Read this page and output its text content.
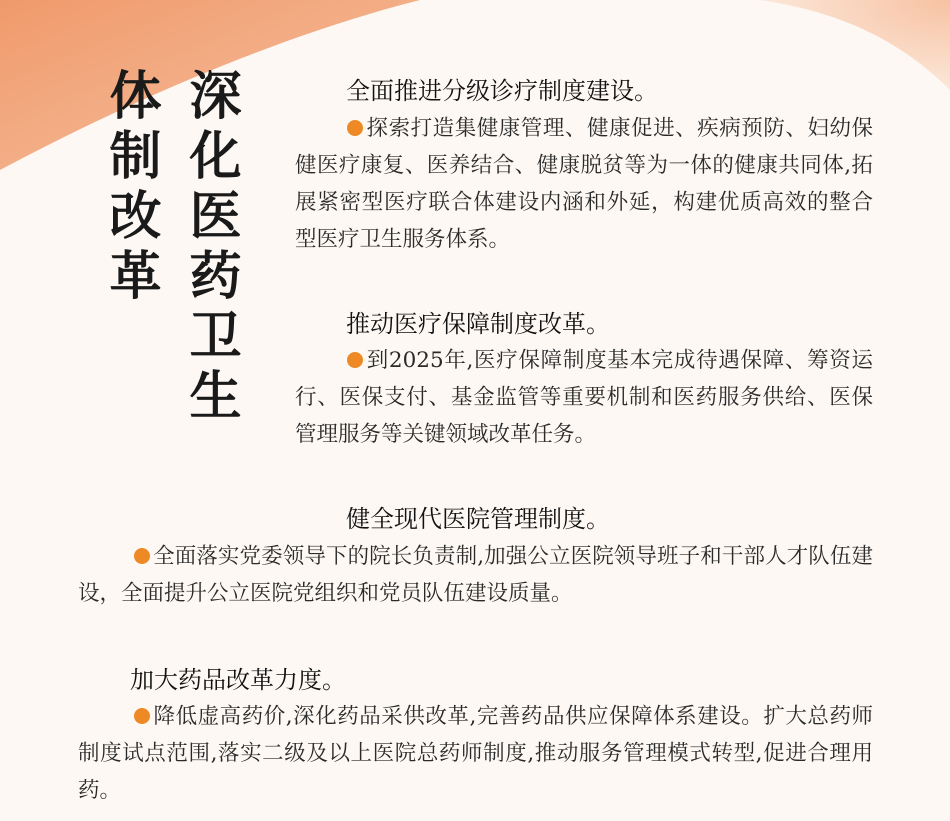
深化医药卫生
体制改革	全面推进分级诊疗制度建设。
探索打造集健康管理、健康促进、疾病预防、妇幼保健医疗康复、医养结合、健康脱贫等为一体的健康共同体,拓展紧密型医疗联合体建设内涵和外延，构建优质高效的整合型医疗卫生服务体系。
推动医疗保障制度改革。
到2025年,医疗保障制度基本完成待遇保障、筹资运行、医保支付、基金监管等重要机制和医药服务供给、医保管理服务等关键领域改革任务。
健全现代医院管理制度。
全面落实党委领导下的院长负责制,加强公立医院领导班子和干部人才队伍建设，全面提升公立医院党组织和党员队伍建设质量。
加大药品改革力度。
降低虚高药价,深化药品采供改革,完善药品供应保障体系建设。扩大总药师制度试点范围,落实二级及以上医院总药师制度,推动服务管理模式转型,促进合理用药。
